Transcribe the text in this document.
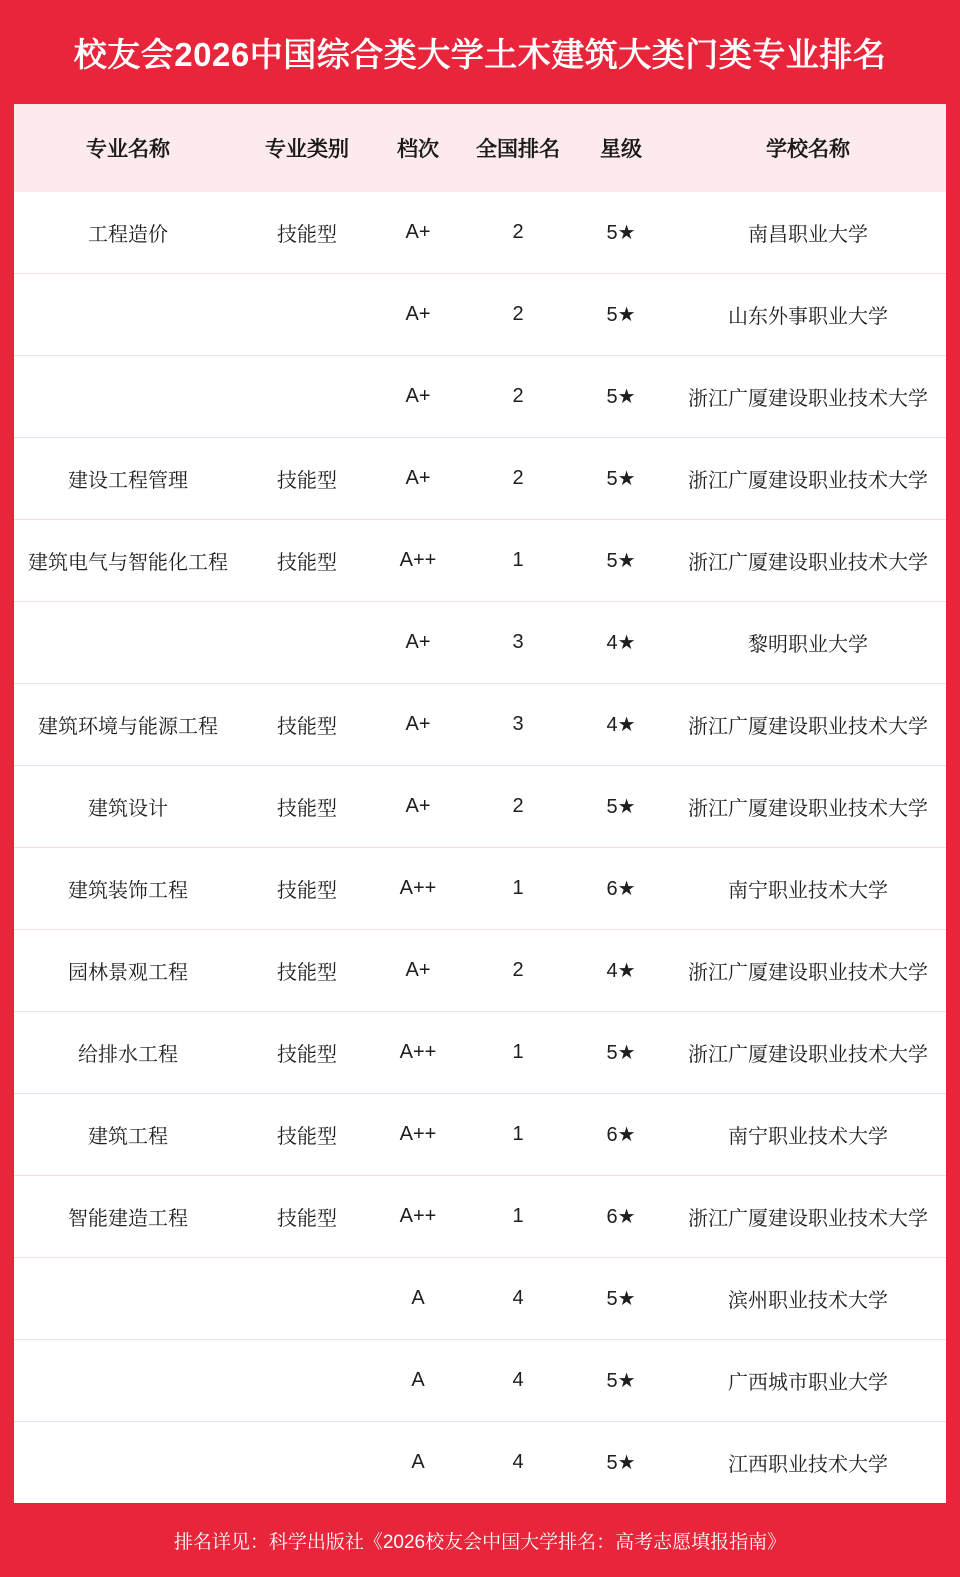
校友会2026中国综合类大学土木建筑大类门类专业排名
专业名称	专业类别	档次	全国排名	星级	学校名称
工程造价	技能型	A+	2	5★	南昌职业大学
		A+	2	5★	山东外事职业大学
		A+	2	5★	浙江广厦建设职业技术大学
建设工程管理	技能型	A+	2	5★	浙江广厦建设职业技术大学
建筑电气与智能化工程	技能型	A++	1	5★	浙江广厦建设职业技术大学
		A+	3	4★	黎明职业大学
建筑环境与能源工程	技能型	A+	3	4★	浙江广厦建设职业技术大学
建筑设计	技能型	A+	2	5★	浙江广厦建设职业技术大学
建筑装饰工程	技能型	A++	1	6★	南宁职业技术大学
园林景观工程	技能型	A+	2	4★	浙江广厦建设职业技术大学
给排水工程	技能型	A++	1	5★	浙江广厦建设职业技术大学
建筑工程	技能型	A++	1	6★	南宁职业技术大学
智能建造工程	技能型	A++	1	6★	浙江广厦建设职业技术大学
		A	4	5★	滨州职业技术大学
		A	4	5★	广西城市职业大学
		A	4	5★	江西职业技术大学
排名详见：科学出版社《2026校友会中国大学排名：高考志愿填报指南》
